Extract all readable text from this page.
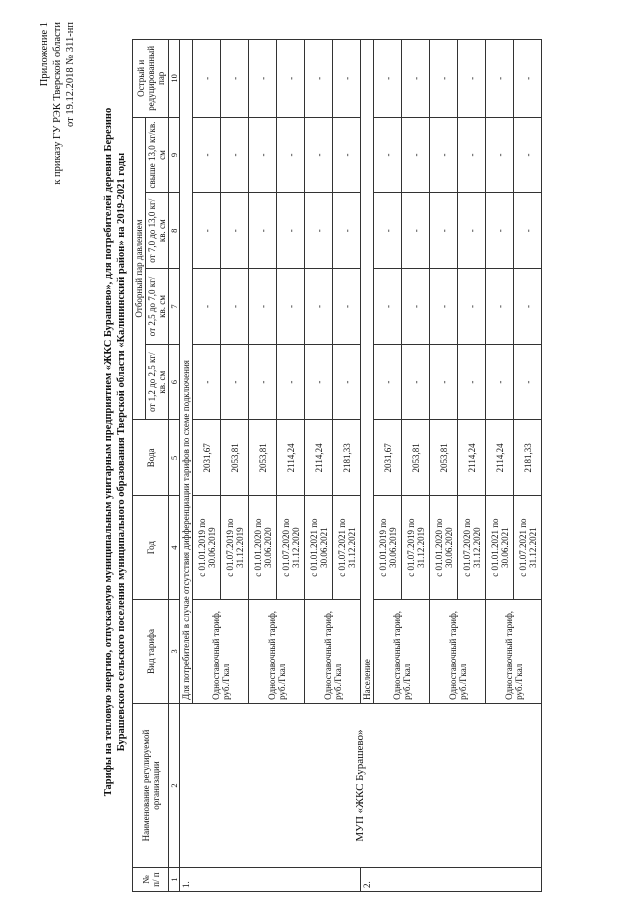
Приложение 1 к приказу ГУ РЭК Тверской области от 19.12.2018 № 311-нп
Тарифы на тепловую энергию, отпускаемую муниципальным унитарным предприятием «ЖКС Бурашево», для потребителей деревни Березино Бурашевского сельского поселения муниципального образования Тверской области «Калининский район» на 2019-2021 годы
№ п/ п	Наименование регулируемой организации	Вид тарифа	Год	Вода	Отборный пар давлением				Острый и редуцированный пар
					от 1,2 до 2,5 кг/кв. см	от 2,5 до 7,0 кг/кв. см	от 7,0 до 13,0 кг/кв. см	свыше 13,0 кг/кв. см	
1	2	3	4	5	6	7	8	9	10
1.	МУП «ЖКС Бурашево»	Для потребителей в случае отсутствия дифференциации тарифов по схеме подключения							
		Одноставочный тариф, руб./Гкал	с 01.01.2019 по 30.06.2019	2031,67	-	-	-	-	-
			с 01.07.2019 по 31.12.2019	2053,81	-	-	-	-	-
		Одноставочный тариф, руб./Гкал	с 01.01.2020 по 30.06.2020	2053,81	-	-	-	-	-
			с 01.07.2020 по 31.12.2020	2114,24	-	-	-	-	-
		Одноставочный тариф, руб./Гкал	с 01.01.2021 по 30.06.2021	2114,24	-	-	-	-	-
			с 01.07.2021 по 31.12.2021	2181,33	-	-	-	-	-
2.		Население							
		Одноставочный тариф, руб./Гкал	с 01.01.2019 по 30.06.2019	2031,67	-	-	-	-	-
			с 01.07.2019 по 31.12.2019	2053,81	-	-	-	-	-
		Одноставочный тариф, руб./Гкал	с 01.01.2020 по 30.06.2020	2053,81	-	-	-	-	-
			с 01.07.2020 по 31.12.2020	2114,24	-	-	-	-	-
		Одноставочный тариф, руб./Гкал	с 01.01.2021 по 30.06.2021	2114,24	-	-	-	-	-
			с 01.07.2021 по 31.12.2021	2181,33	-	-	-	-	-
